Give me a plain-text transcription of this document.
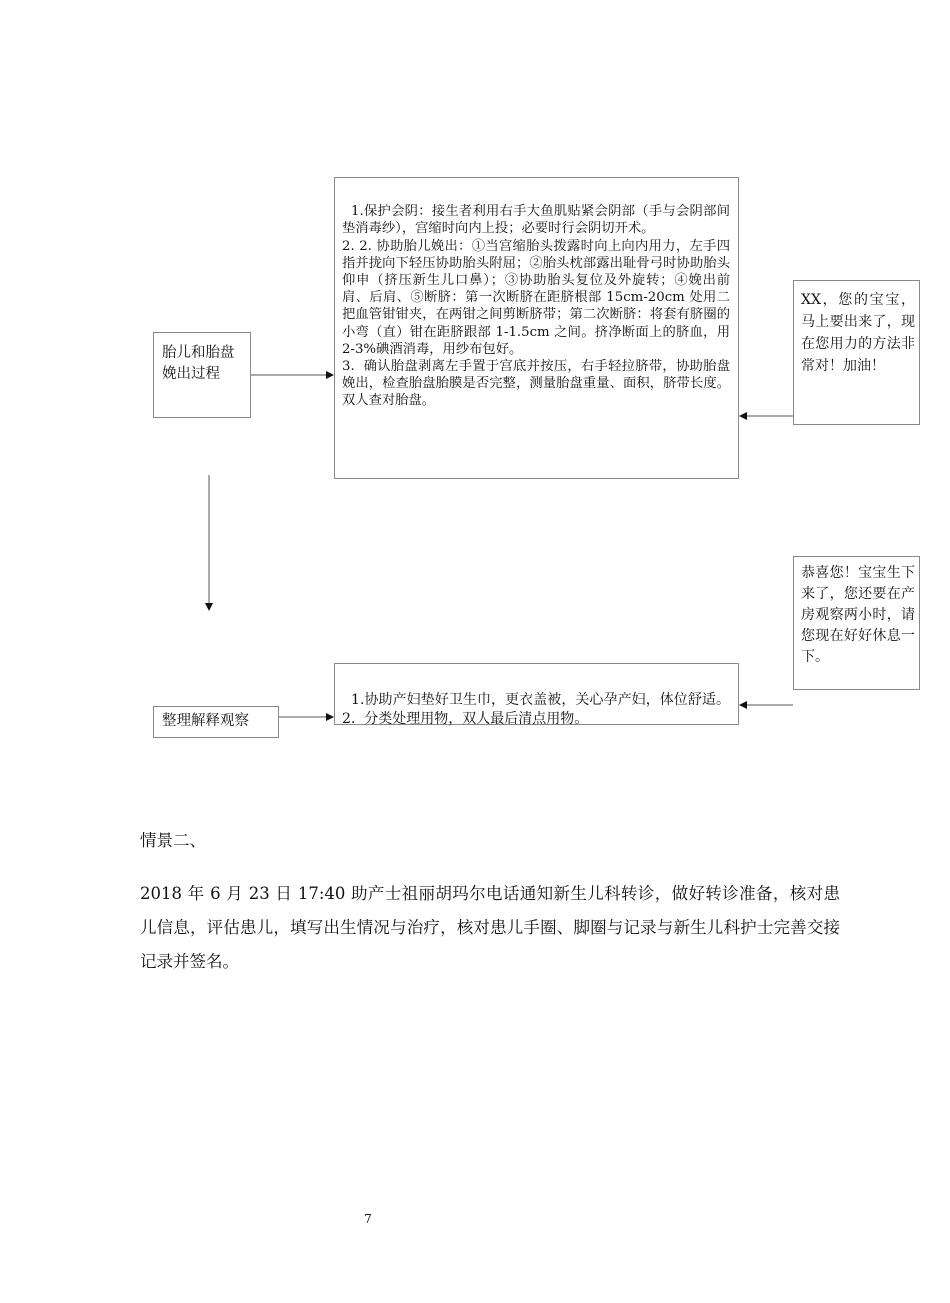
胎儿和胎盘娩出过程

1.保护会阴：接生者利用右手大鱼肌贴紧会阴部（手与会阴部间垫消毒纱），宫缩时向内上投；必要时行会阴切开术。
2. 2. 协助胎儿娩出：①当宫缩胎头拨露时向上向内用力，左手四指并拢向下轻压协助胎头附屈；②胎头枕部露出耻骨弓时协助胎头仰申（挤压新生儿口鼻）；③协助胎头复位及外旋转；④娩出前肩、后肩、⑤断脐：第一次断脐在距脐根部 15cm-20cm 处用二把血管钳钳夹，在两钳之间剪断脐带；第二次断脐：将套有脐圈的小弯（直）钳在距脐跟部 1-1.5cm 之间。挤净断面上的脐血，用 2-3%碘酒消毒，用纱布包好。
3.  确认胎盘剥离左手置于宫底并按压，右手轻拉脐带，协助胎盘娩出，检查胎盘胎膜是否完整，测量胎盘重量、面积，脐带长度。双人查对胎盘。

XX，您的宝宝，马上要出来了，现在您用力的方法非常对！加油！
恭喜您！宝宝生下来了，您还要在产房观察两小时，请您现在好好休息一下。

1.协助产妇垫好卫生巾，更衣盖被，关心孕产妇，体位舒适。2.  分类处理用物，双人最后清点用物。

整理解释观察
情景二、
2018 年 6 月 23 日 17:40 助产士祖丽胡玛尔电话通知新生儿科转诊，做好转诊准备，核对患儿信息，评估患儿，填写出生情况与治疗，核对患儿手圈、脚圈与记录与新生儿科护士完善交接记录并签名。
7
